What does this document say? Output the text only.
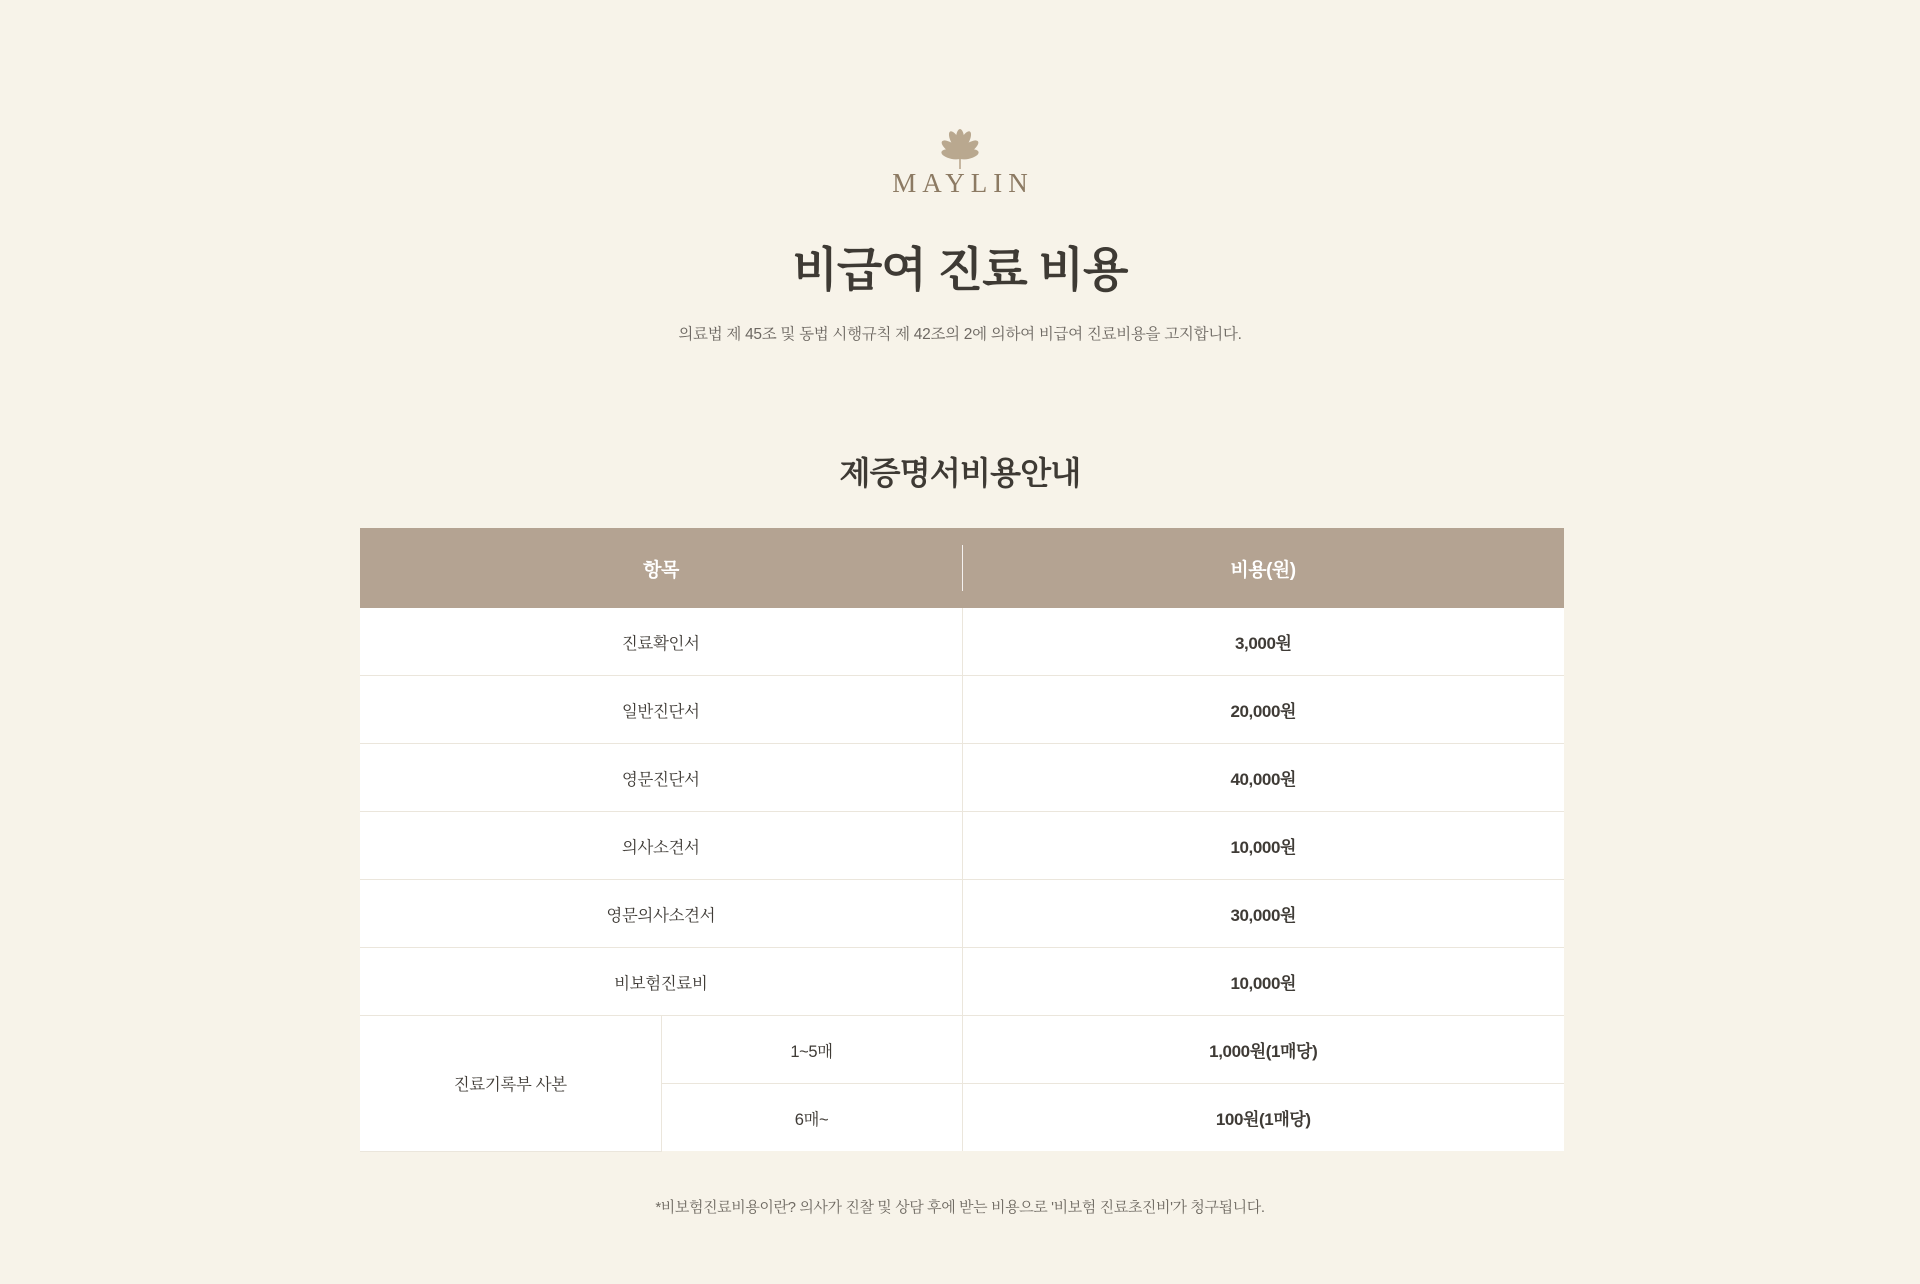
MAYLIN
비급여 진료 비용

의료법 제 45조 및 동법 시행규칙 제 42조의 2에 의하여 비급여 진료비용을 고지합니다.

제증명서비용안내
항목		비용(원)
진료확인서		3,000원
일반진단서		20,000원
영문진단서		40,000원
의사소견서		10,000원
영문의사소견서		30,000원
비보험진료비		10,000원
진료기록부 사본	1~5매	1,000원(1매당)
	6매~	100원(1매당)

*비보험진료비용이란? 의사가 진찰 및 상담 후에 받는 비용으로 '비보험 진료초진비'가 청구됩니다.
